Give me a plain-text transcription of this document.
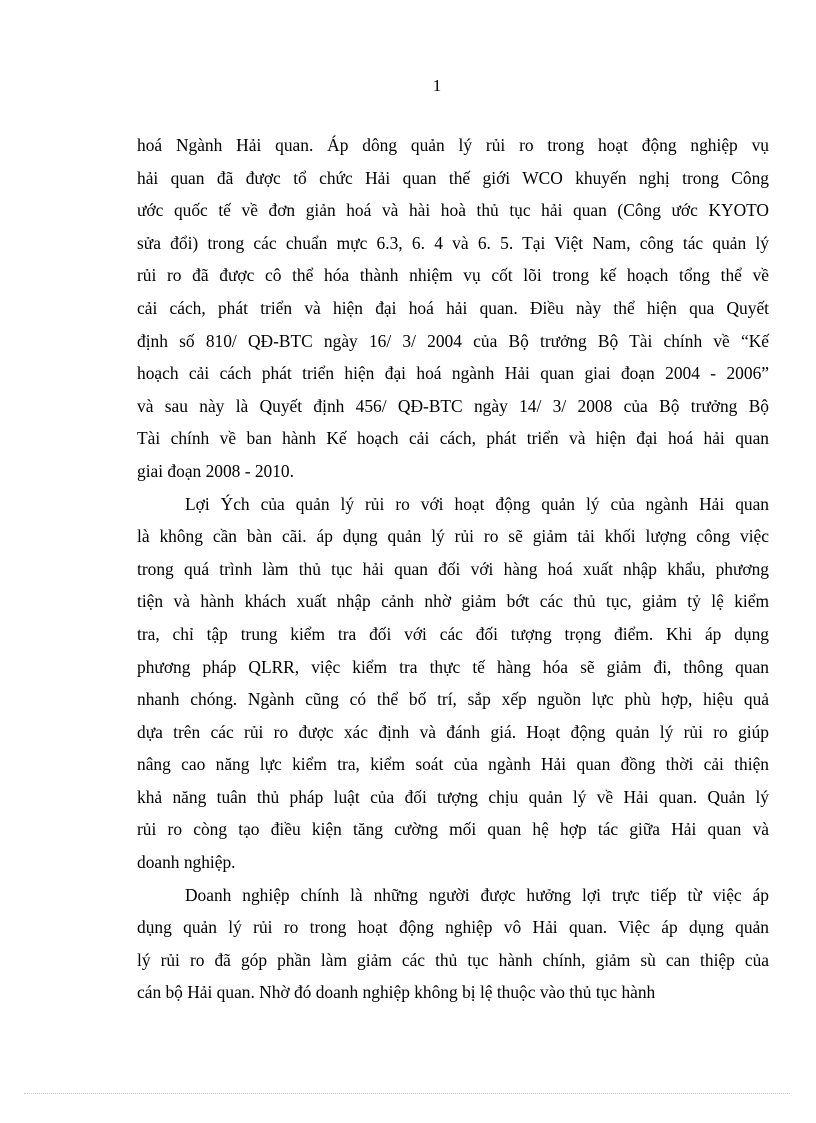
1
hoá Ngành Hải quan. Áp dông quản lý rủi ro trong hoạt động nghiệp vụ
hải quan đã được tổ chức Hải quan thế giới WCO khuyến nghị trong Công
ước quốc tế về đơn giản hoá và hài hoà thủ tục hải quan (Công ước KYOTO
sửa đổi) trong các chuẩn mực 6.3, 6. 4 và 6. 5. Tại Việt Nam, công tác quản lý
rủi ro đã được cô thể hóa thành nhiệm vụ cốt lõi trong kế hoạch tổng thể về
cải cách, phát triển và hiện đại hoá hải quan. Điều này thể hiện qua Quyết
định số 810/ QĐ-BTC ngày 16/ 3/ 2004 của Bộ trưởng Bộ Tài chính về “Kế
hoạch cải cách phát triển hiện đại hoá ngành Hải quan giai đoạn 2004 - 2006”
và sau này là Quyết định 456/ QĐ-BTC ngày 14/ 3/ 2008 của Bộ trưởng Bộ
Tài chính về ban hành Kế hoạch cải cách, phát triển và hiện đại hoá hải quan
giai đoạn 2008 - 2010.
Lợi Ých của quản lý rủi ro với hoạt động quản lý của ngành Hải quan
là không cần bàn cãi. áp dụng quản lý rủi ro sẽ giảm tải khối lượng công việc
trong quá trình làm thủ tục hải quan đối với hàng hoá xuất nhập khẩu, phương
tiện và hành khách xuất nhập cảnh nhờ giảm bớt các thủ tục, giảm tỷ lệ kiểm
tra, chỉ tập trung kiểm tra đối với các đối tượng trọng điểm. Khi áp dụng
phương pháp QLRR, việc kiểm tra thực tế hàng hóa sẽ giảm đi, thông quan
nhanh chóng. Ngành cũng có thể bố trí, sắp xếp nguồn lực phù hợp, hiệu quả
dựa trên các rủi ro được xác định và đánh giá. Hoạt động quản lý rủi ro giúp
nâng cao năng lực kiểm tra, kiểm soát của ngành Hải quan đồng thời cải thiện
khả năng tuân thủ pháp luật của đối tượng chịu quản lý về Hải quan. Quản lý
rủi ro còng tạo điều kiện tăng cường mối quan hệ hợp tác giữa Hải quan và
doanh nghiệp.
Doanh nghiệp chính là những người được hưởng lợi trực tiếp từ việc áp
dụng quản lý rủi ro trong hoạt động nghiệp vô Hải quan. Việc áp dụng quản
lý rủi ro đã góp phần làm giảm các thủ tục hành chính, giảm sù can thiệp của
cán bộ Hải quan. Nhờ đó doanh nghiệp không bị lệ thuộc vào thủ tục hành
